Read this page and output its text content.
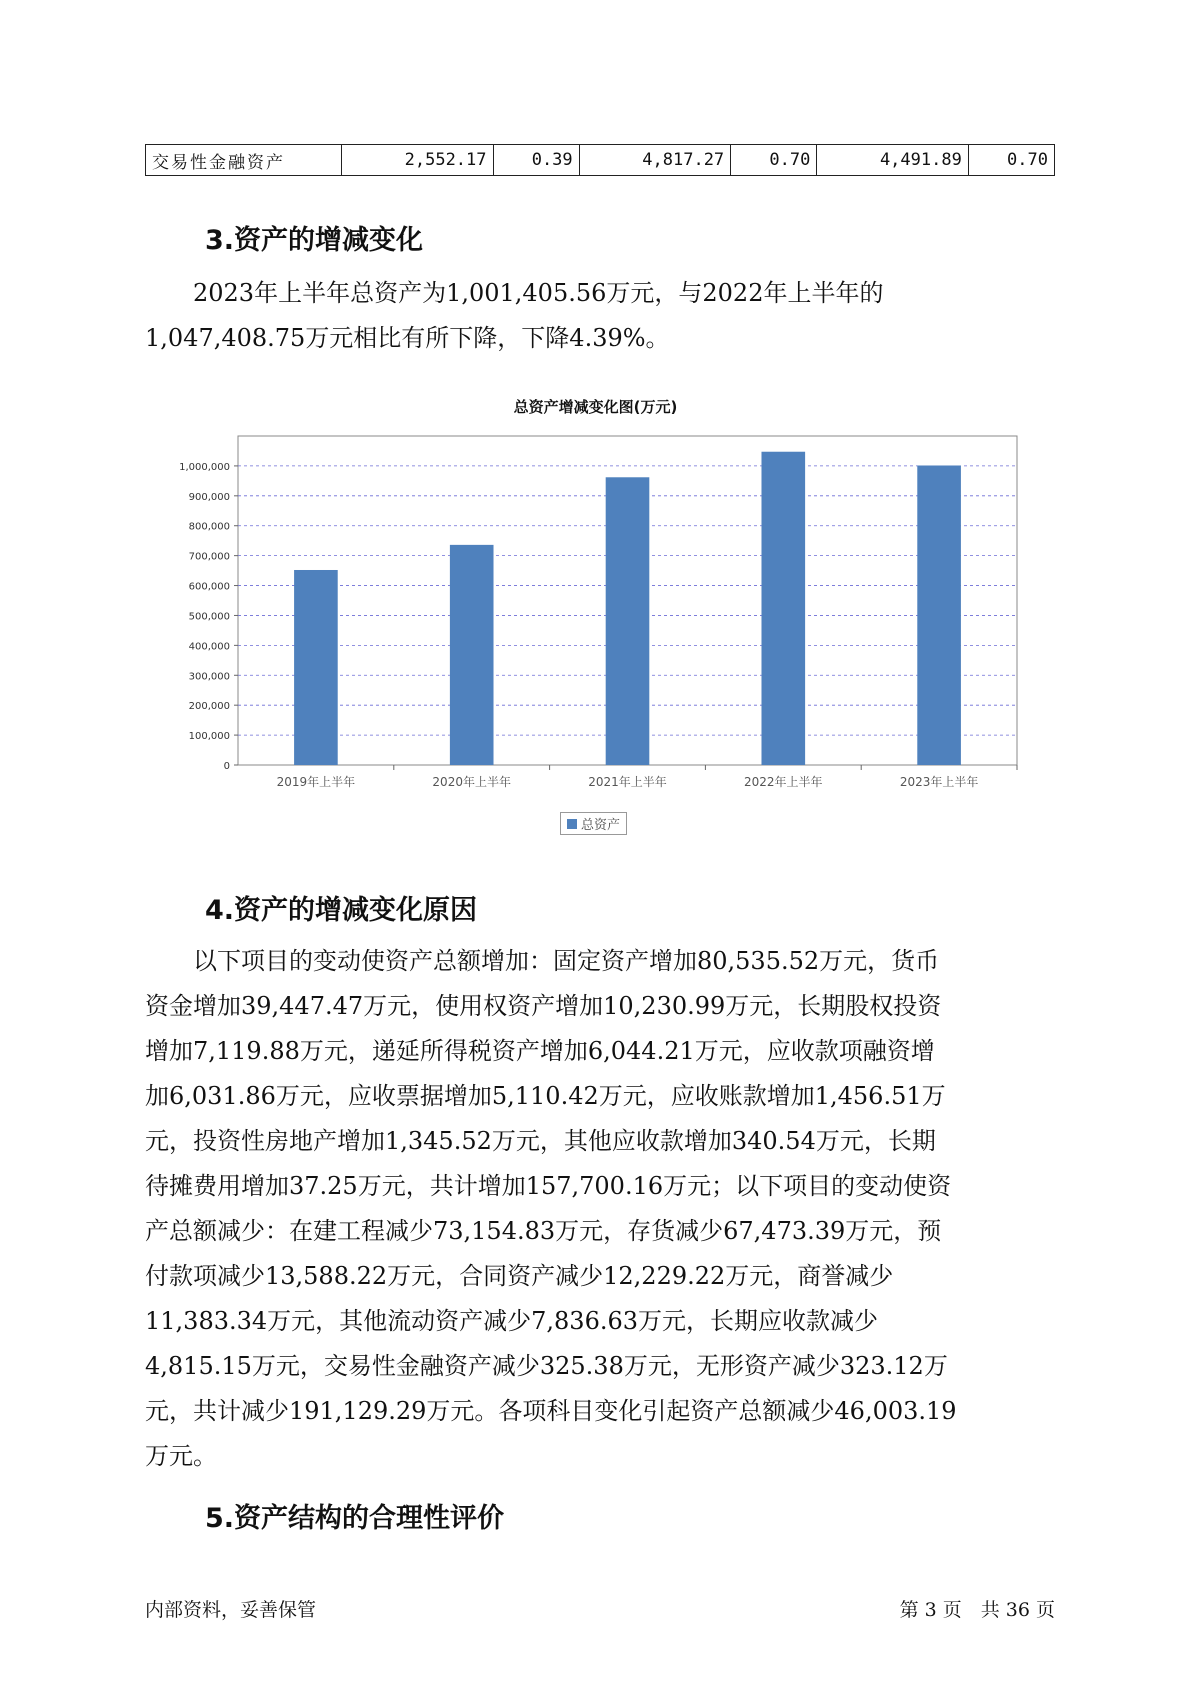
交易性金融资产	2,552.17	0.39	4,817.27	0.70	4,491.89	0.70
3.资产的增减变化
　　2023年上半年总资产为1,001,405.56万元，与2022年上半年的
1,047,408.75万元相比有所下降，下降4.39%。
总资产增减变化图(万元)
0
100,000
200,000
300,000
400,000
500,000
600,000
700,000
800,000
900,000
1,000,000
2019年上半年	2020年上半年	2021年上半年	2022年上半年	2023年上半年
总资产
4.资产的增减变化原因
　　以下项目的变动使资产总额增加：固定资产增加80,535.52万元，货币
资金增加39,447.47万元，使用权资产增加10,230.99万元，长期股权投资
增加7,119.88万元，递延所得税资产增加6,044.21万元，应收款项融资增
加6,031.86万元，应收票据增加5,110.42万元，应收账款增加1,456.51万
元，投资性房地产增加1,345.52万元，其他应收款增加340.54万元，长期
待摊费用增加37.25万元，共计增加157,700.16万元；以下项目的变动使资
产总额减少：在建工程减少73,154.83万元，存货减少67,473.39万元，预
付款项减少13,588.22万元，合同资产减少12,229.22万元，商誉减少
11,383.34万元，其他流动资产减少7,836.63万元，长期应收款减少
4,815.15万元，交易性金融资产减少325.38万元，无形资产减少323.12万
元，共计减少191,129.29万元。各项科目变化引起资产总额减少46,003.19
万元。
5.资产结构的合理性评价
内部资料，妥善保管	第 3 页　共 36 页
